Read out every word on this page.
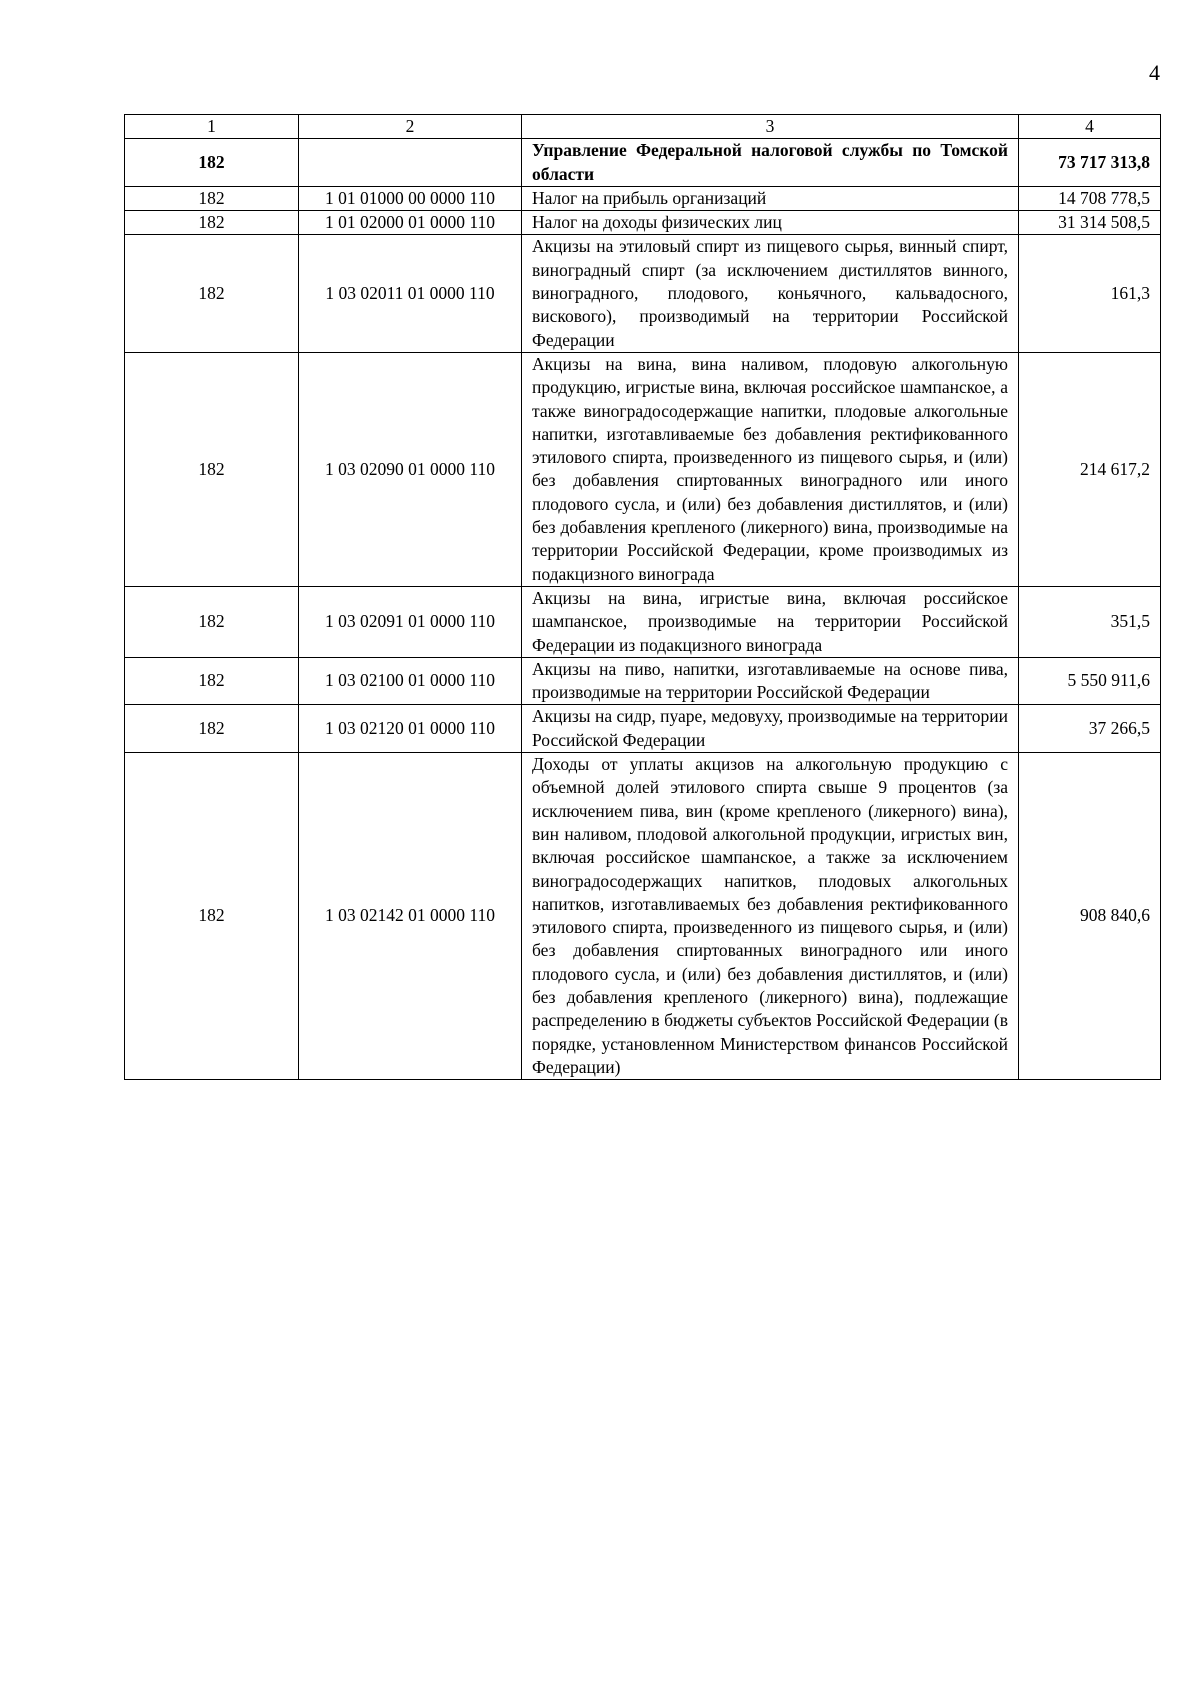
4
1	2	3	4
182		Управление Федеральной налоговой службы по Томской области	73 717 313,8
182	1 01 01000 00 0000 110	Налог на прибыль организаций	14 708 778,5
182	1 01 02000 01 0000 110	Налог на доходы физических лиц	31 314 508,5
182	1 03 02011 01 0000 110	Акцизы на этиловый спирт из пищевого сырья, винный спирт, виноградный спирт (за исключением дистиллятов винного, виноградного, плодового, коньячного, кальвадосного, вискового), производимый на территории Российской Федерации	161,3
182	1 03 02090 01 0000 110	Акцизы на вина, вина наливом, плодовую алкогольную продукцию, игристые вина, включая российское шампанское, а также виноградосодержащие напитки, плодовые алкогольные напитки, изготавливаемые без добавления ректификованного этилового спирта, произведенного из пищевого сырья, и (или) без добавления спиртованных виноградного или иного плодового сусла, и (или) без добавления дистиллятов, и (или) без добавления крепленого (ликерного) вина, производимые на территории Российской Федерации, кроме производимых из подакцизного винограда	214 617,2
182	1 03 02091 01 0000 110	Акцизы на вина, игристые вина, включая российское шампанское, производимые на территории Российской Федерации из подакцизного винограда	351,5
182	1 03 02100 01 0000 110	Акцизы на пиво, напитки, изготавливаемые на основе пива, производимые на территории Российской Федерации	5 550 911,6
182	1 03 02120 01 0000 110	Акцизы на сидр, пуаре, медовуху, производимые на территории Российской Федерации	37 266,5
182	1 03 02142 01 0000 110	Доходы от уплаты акцизов на алкогольную продукцию с объемной долей этилового спирта свыше 9 процентов (за исключением пива, вин (кроме крепленого (ликерного) вина), вин наливом, плодовой алкогольной продукции, игристых вин, включая российское шампанское, а также за исключением виноградосодержащих напитков, плодовых алкогольных напитков, изготавливаемых без добавления ректификованного этилового спирта, произведенного из пищевого сырья, и (или) без добавления спиртованных виноградного или иного плодового сусла, и (или) без добавления дистиллятов, и (или) без добавления крепленого (ликерного) вина), подлежащие распределению в бюджеты субъектов Российской Федерации (в порядке, установленном Министерством финансов Российской Федерации)	908 840,6
